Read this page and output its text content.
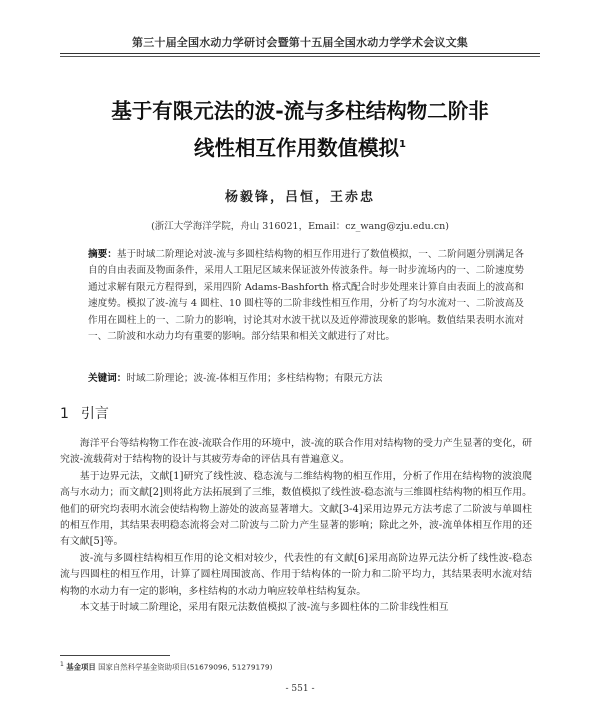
第三十届全国水动力学研讨会暨第十五届全国水动力学学术会议文集
基于有限元法的波-流与多柱结构物二阶非
线性相互作用数值模拟$^1$
杨毅锋，吕恒，王赤忠
(浙江大学海洋学院，舟山 316021，Email：cz_wang@zju.edu.cn)
摘要：基于时域二阶理论对波-流与多圆柱结构物的相互作用进行了数值模拟，一、二阶问题分别满足各自的自由表面及物面条件，采用人工阻尼区域来保证波外传波条件。每一时步流场内的一、二阶速度势通过求解有限元方程得到，采用四阶 Adams-Bashforth 格式配合时步处理来计算自由表面上的波高和速度势。模拟了波-流与 4 圆柱、10 圆柱等的二阶非线性相互作用，分析了均匀水流对一、二阶波高及作用在圆柱上的一、二阶力的影响，讨论其对水波干扰以及近停滞波现象的影响。数值结果表明水流对一、二阶波和水动力均有重要的影响。部分结果和相关文献进行了对比。
关键词：时域二阶理论；波-流-体相互作用；多柱结构物；有限元方法
1 引言

海洋平台等结构物工作在波-流联合作用的环境中，波-流的联合作用对结构物的受力产生显著的变化，研究波-流载荷对于结构物的设计与其疲劳寿命的评估具有普遍意义。

基于边界元法，文献[1]研究了线性波、稳态流与二维结构物的相互作用，分析了作用在结构物的波浪爬高与水动力；而文献[2]则将此方法拓展到了三维，数值模拟了线性波-稳态流与三维圆柱结构物的相互作用。他们的研究均表明水流会使结构物上游处的波高显著增大。文献[3-4]采用边界元方法考虑了二阶波与单圆柱的相互作用，其结果表明稳态流将会对二阶波与二阶力产生显著的影响；除此之外，波-流单体相互作用的还有文献[5]等。

波-流与多圆柱结构相互作用的论文相对较少，代表性的有文献[6]采用高阶边界元法分析了线性波-稳态流与四圆柱的相互作用，计算了圆柱周围波高、作用于结构体的一阶力和二阶平均力，其结果表明水流对结构物的水动力有一定的影响，多柱结构的水动力响应较单柱结构复杂。

本文基于时域二阶理论，采用有限元法数值模拟了波-流与多圆柱体的二阶非线性相互

$^1$ 基金项目 国家自然科学基金资助项目(51679096, 51279179)
- 551 -
